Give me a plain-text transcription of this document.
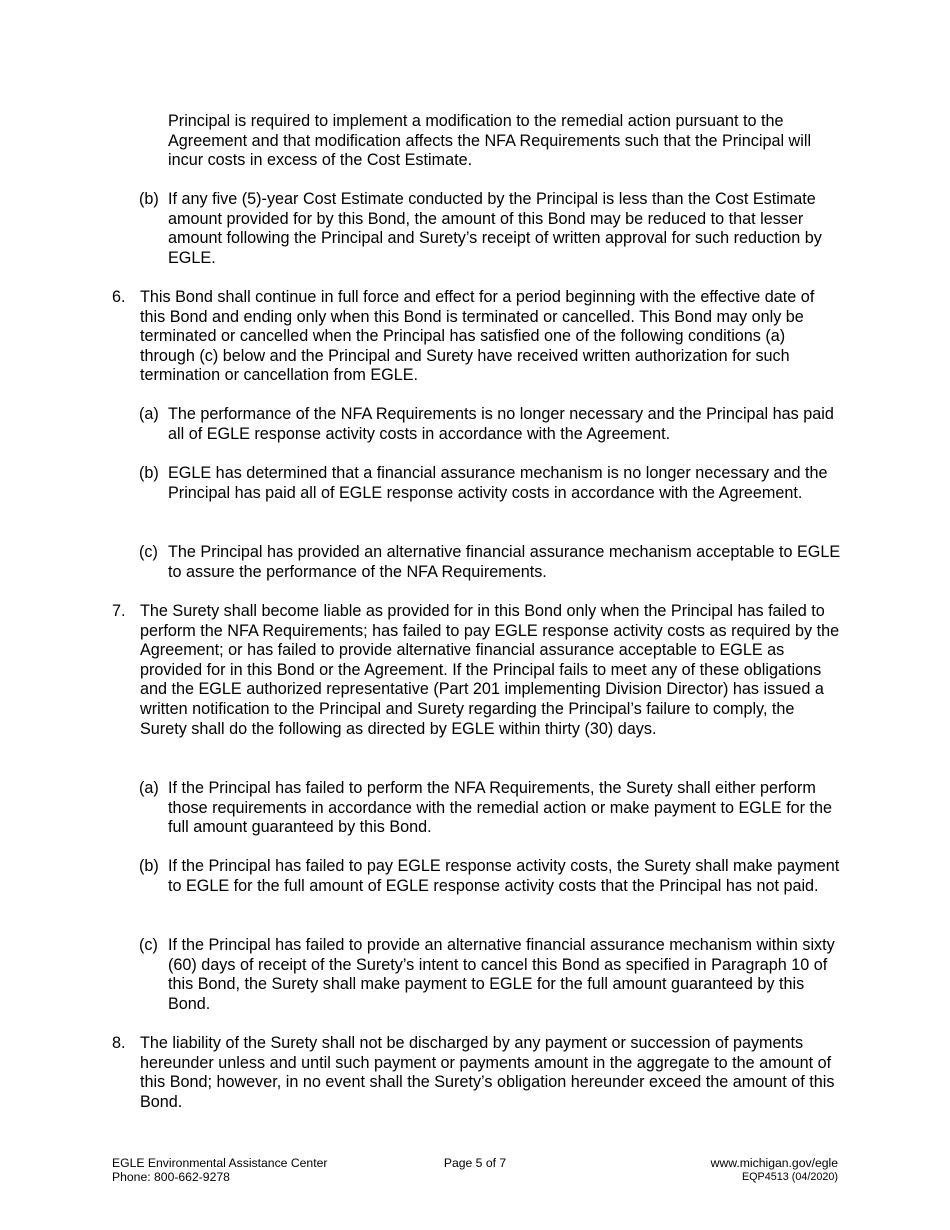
Principal is required to implement a modification to the remedial action pursuant to the Agreement and that modification affects the NFA Requirements such that the Principal will incur costs in excess of the Cost Estimate.
(b) If any five (5)-year Cost Estimate conducted by the Principal is less than the Cost Estimate amount provided for by this Bond, the amount of this Bond may be reduced to that lesser amount following the Principal and Surety’s receipt of written approval for such reduction by EGLE.
6. This Bond shall continue in full force and effect for a period beginning with the effective date of this Bond and ending only when this Bond is terminated or cancelled. This Bond may only be terminated or cancelled when the Principal has satisfied one of the following conditions (a) through (c) below and the Principal and Surety have received written authorization for such termination or cancellation from EGLE.
(a) The performance of the NFA Requirements is no longer necessary and the Principal has paid all of EGLE response activity costs in accordance with the Agreement.
(b) EGLE has determined that a financial assurance mechanism is no longer necessary and the Principal has paid all of EGLE response activity costs in accordance with the Agreement.
(c) The Principal has provided an alternative financial assurance mechanism acceptable to EGLE to assure the performance of the NFA Requirements.
7. The Surety shall become liable as provided for in this Bond only when the Principal has failed to perform the NFA Requirements; has failed to pay EGLE response activity costs as required by the Agreement; or has failed to provide alternative financial assurance acceptable to EGLE as provided for in this Bond or the Agreement. If the Principal fails to meet any of these obligations and the EGLE authorized representative (Part 201 implementing Division Director) has issued a written notification to the Principal and Surety regarding the Principal’s failure to comply, the Surety shall do the following as directed by EGLE within thirty (30) days.
(a) If the Principal has failed to perform the NFA Requirements, the Surety shall either perform those requirements in accordance with the remedial action or make payment to EGLE for the full amount guaranteed by this Bond.
(b) If the Principal has failed to pay EGLE response activity costs, the Surety shall make payment to EGLE for the full amount of EGLE response activity costs that the Principal has not paid.
(c) If the Principal has failed to provide an alternative financial assurance mechanism within sixty (60) days of receipt of the Surety’s intent to cancel this Bond as specified in Paragraph 10 of this Bond, the Surety shall make payment to EGLE for the full amount guaranteed by this Bond.
8. The liability of the Surety shall not be discharged by any payment or succession of payments hereunder unless and until such payment or payments amount in the aggregate to the amount of this Bond; however, in no event shall the Surety’s obligation hereunder exceed the amount of this Bond.
EGLE Environmental Assistance Center
Phone: 800-662-9278
Page 5 of 7	www.michigan.gov/egle
EQP4513 (04/2020)
